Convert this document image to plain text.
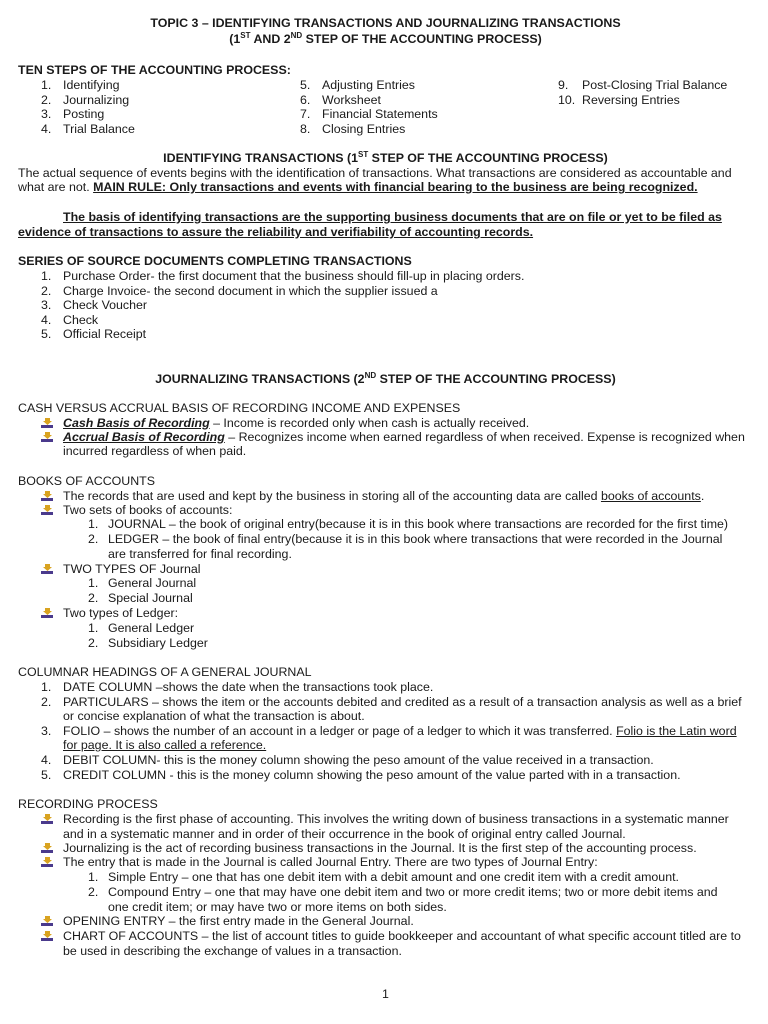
TOPIC 3 – IDENTIFYING TRANSACTIONS AND JOURNALIZING TRANSACTIONS
(1ST AND 2ND STEP OF THE ACCOUNTING PROCESS)
TEN STEPS OF THE ACCOUNTING PROCESS:
1. Identifying
2. Journalizing
3. Posting
4. Trial Balance
5. Adjusting Entries
6. Worksheet
7. Financial Statements
8. Closing Entries
9. Post-Closing Trial Balance
10. Reversing Entries
IDENTIFYING TRANSACTIONS (1ST STEP OF THE ACCOUNTING PROCESS)
The actual sequence of events begins with the identification of transactions. What transactions are considered as accountable and
what are not. MAIN RULE: Only transactions and events with financial bearing to the business are being recognized.
The basis of identifying transactions are the supporting business documents that are on file or yet to be filed as
evidence of transactions to assure the reliability and verifiability of accounting records.
SERIES OF SOURCE DOCUMENTS COMPLETING TRANSACTIONS
1. Purchase Order- the first document that the business should fill-up in placing orders.
2. Charge Invoice- the second document in which the supplier issued a
3. Check Voucher
4. Check
5. Official Receipt
JOURNALIZING TRANSACTIONS (2ND STEP OF THE ACCOUNTING PROCESS)
CASH VERSUS ACCRUAL BASIS OF RECORDING INCOME AND EXPENSES
Cash Basis of Recording – Income is recorded only when cash is actually received.
Accrual Basis of Recording – Recognizes income when earned regardless of when received. Expense is recognized when
incurred regardless of when paid.
BOOKS OF ACCOUNTS
The records that are used and kept by the business in storing all of the accounting data are called books of accounts.
Two sets of books of accounts:
1. JOURNAL – the book of original entry(because it is in this book where transactions are recorded for the first time)
2. LEDGER – the book of final entry(because it is in this book where transactions that were recorded in the Journal
are transferred for final recording.
TWO TYPES OF Journal
1. General Journal
2. Special Journal
Two types of Ledger:
1. General Ledger
2. Subsidiary Ledger
COLUMNAR HEADINGS OF A GENERAL JOURNAL
1. DATE COLUMN –shows the date when the transactions took place.
2. PARTICULARS – shows the item or the accounts debited and credited as a result of a transaction analysis as well as a brief
or concise explanation of what the transaction is about.
3. FOLIO – shows the number of an account in a ledger or page of a ledger to which it was transferred. Folio is the Latin word
for page. It is also called a reference.
4. DEBIT COLUMN- this is the money column showing the peso amount of the value received in a transaction.
5. CREDIT COLUMN - this is the money column showing the peso amount of the value parted with in a transaction.
RECORDING PROCESS
Recording is the first phase of accounting. This involves the writing down of business transactions in a systematic manner
and in a systematic manner and in order of their occurrence in the book of original entry called Journal.
Journalizing is the act of recording business transactions in the Journal. It is the first step of the accounting process.
The entry that is made in the Journal is called Journal Entry. There are two types of Journal Entry:
1. Simple Entry – one that has one debit item with a debit amount and one credit item with a credit amount.
2. Compound Entry – one that may have one debit item and two or more credit items; two or more debit items and
one credit item; or may have two or more items on both sides.
OPENING ENTRY – the first entry made in the General Journal.
CHART OF ACCOUNTS – the list of account titles to guide bookkeeper and accountant of what specific account titled are to
be used in describing the exchange of values in a transaction.
1
